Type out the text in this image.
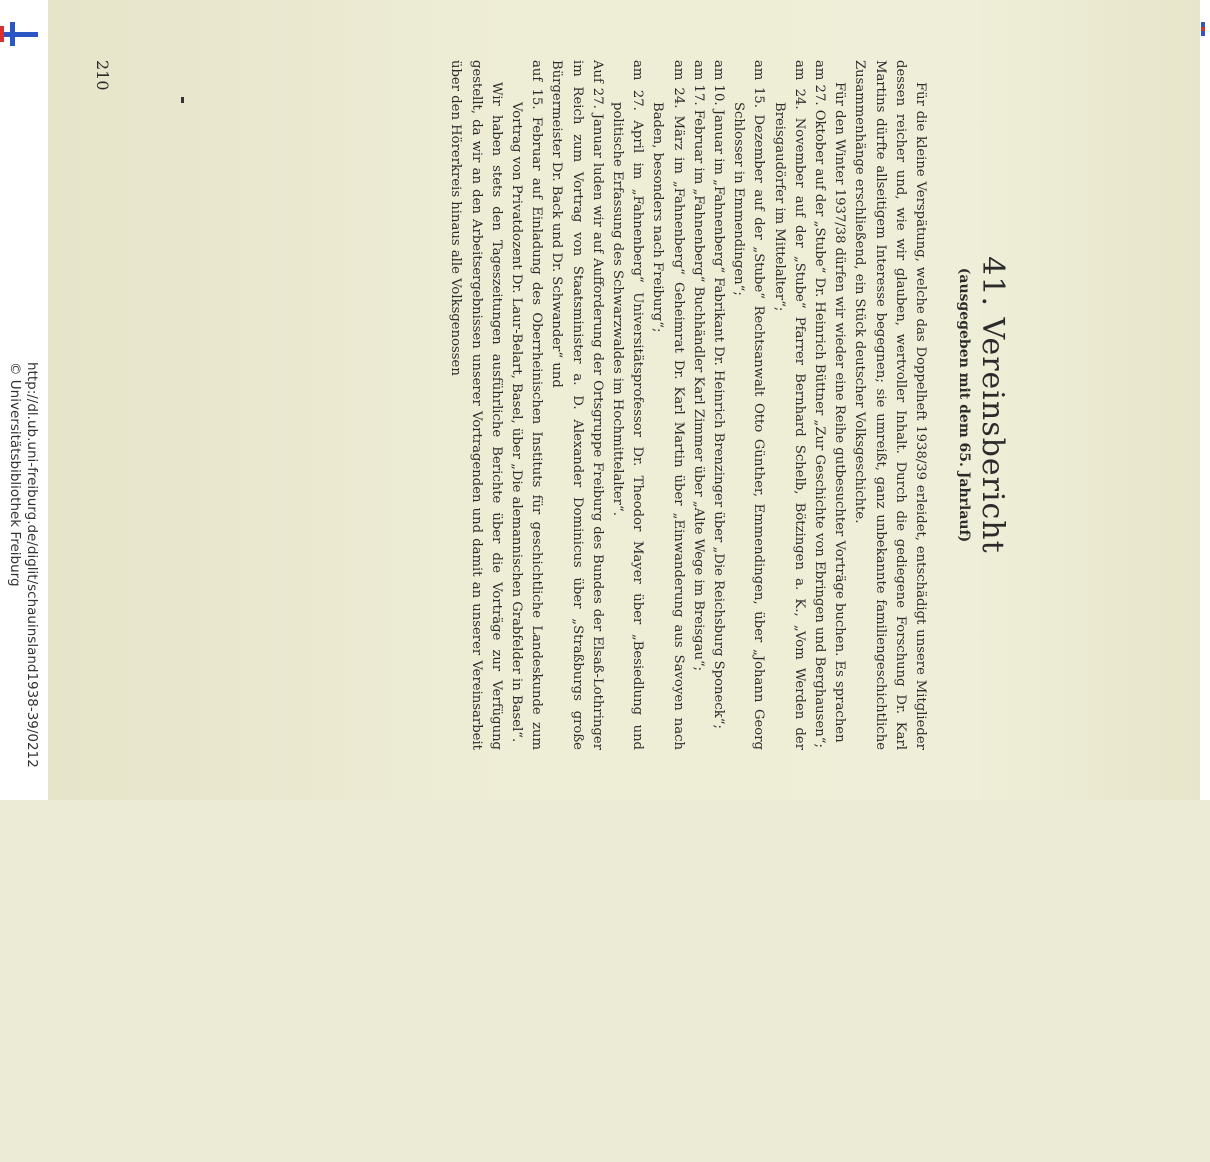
http://dl.ub.uni-freiburg.de/diglit/schauinsland1938-39/0212
© Universitätsbibliothek Freiburg	41. Vereinsbericht
(ausgegeben mit dem 65. Jahrlauf)

Für die kleine Verspätung, welche das Doppelheft 1938/39 erleidet, entschädigt unsere Mitglieder dessen reicher und, wie wir glauben, wertvoller Inhalt. Durch die gediegene Forschung Dr. Karl Martins dürfte allseitigem Interesse begegnen; sie umreißt, ganz unbekannte familiengeschichtliche Zusammenhänge erschließend, ein Stück deutscher Volksgeschichte.

Für den Winter 1937/38 dürfen wir wieder eine Reihe gutbesuchter Vorträge buchen. Es sprachen

am 27. Oktober auf der „Stube“ Dr. Heinrich Büttner „Zur Geschichte von Ebringen und Berghausen“;

am 24. November auf der „Stube“ Pfarrer Bernhard Schelb, Bötzingen a. K., „Vom Werden der Breisgaudörfer im Mittelalter“;

am 15. Dezember auf der „Stube“ Rechtsanwalt Otto Günther, Emmendingen, über „Johann Georg Schlosser in Emmendingen“;

am 10. Januar im „Fahnenberg“ Fabrikant Dr. Heinrich Brenzinger über „Die Reichsburg Sponeck“;

am 17. Februar im „Fahnenberg“ Buchhändler Karl Zimmer über „Alte Wege im Breisgau“;

am 24. März im „Fahnenberg“ Geheimrat Dr. Karl Martin über „Einwanderung aus Savoyen nach Baden, besonders nach Freiburg“;

am 27. April im „Fahnenberg“ Universitätsprofessor Dr. Theodor Mayer über „Besiedlung und politische Erfassung des Schwarzwaldes im Hochmittelalter“.

Auf 27. Januar luden wir auf Aufforderung der Ortsgruppe Freiburg des Bundes der Elsaß-Lothringer im Reich zum Vortrag von Staatsminister a. D. Alexander Dominicus über „Straßburgs große Bürgermeister Dr. Back und Dr. Schwander“ und

auf 15. Februar auf Einladung des Oberrheinischen Instituts für geschichtliche Landeskunde zum Vortrag von Privatdozent Dr. Laur-Belart, Basel, über „Die alemannischen Grabfelder in Basel“.

Wir haben stets den Tageszeitungen ausführliche Berichte über die Vorträge zur Verfügung gestellt, da wir an den Arbeitsergebnissen unserer Vortragenden und damit an unserer Vereinsarbeit über den Hörerkreis hinaus alle Volksgenossen

210
